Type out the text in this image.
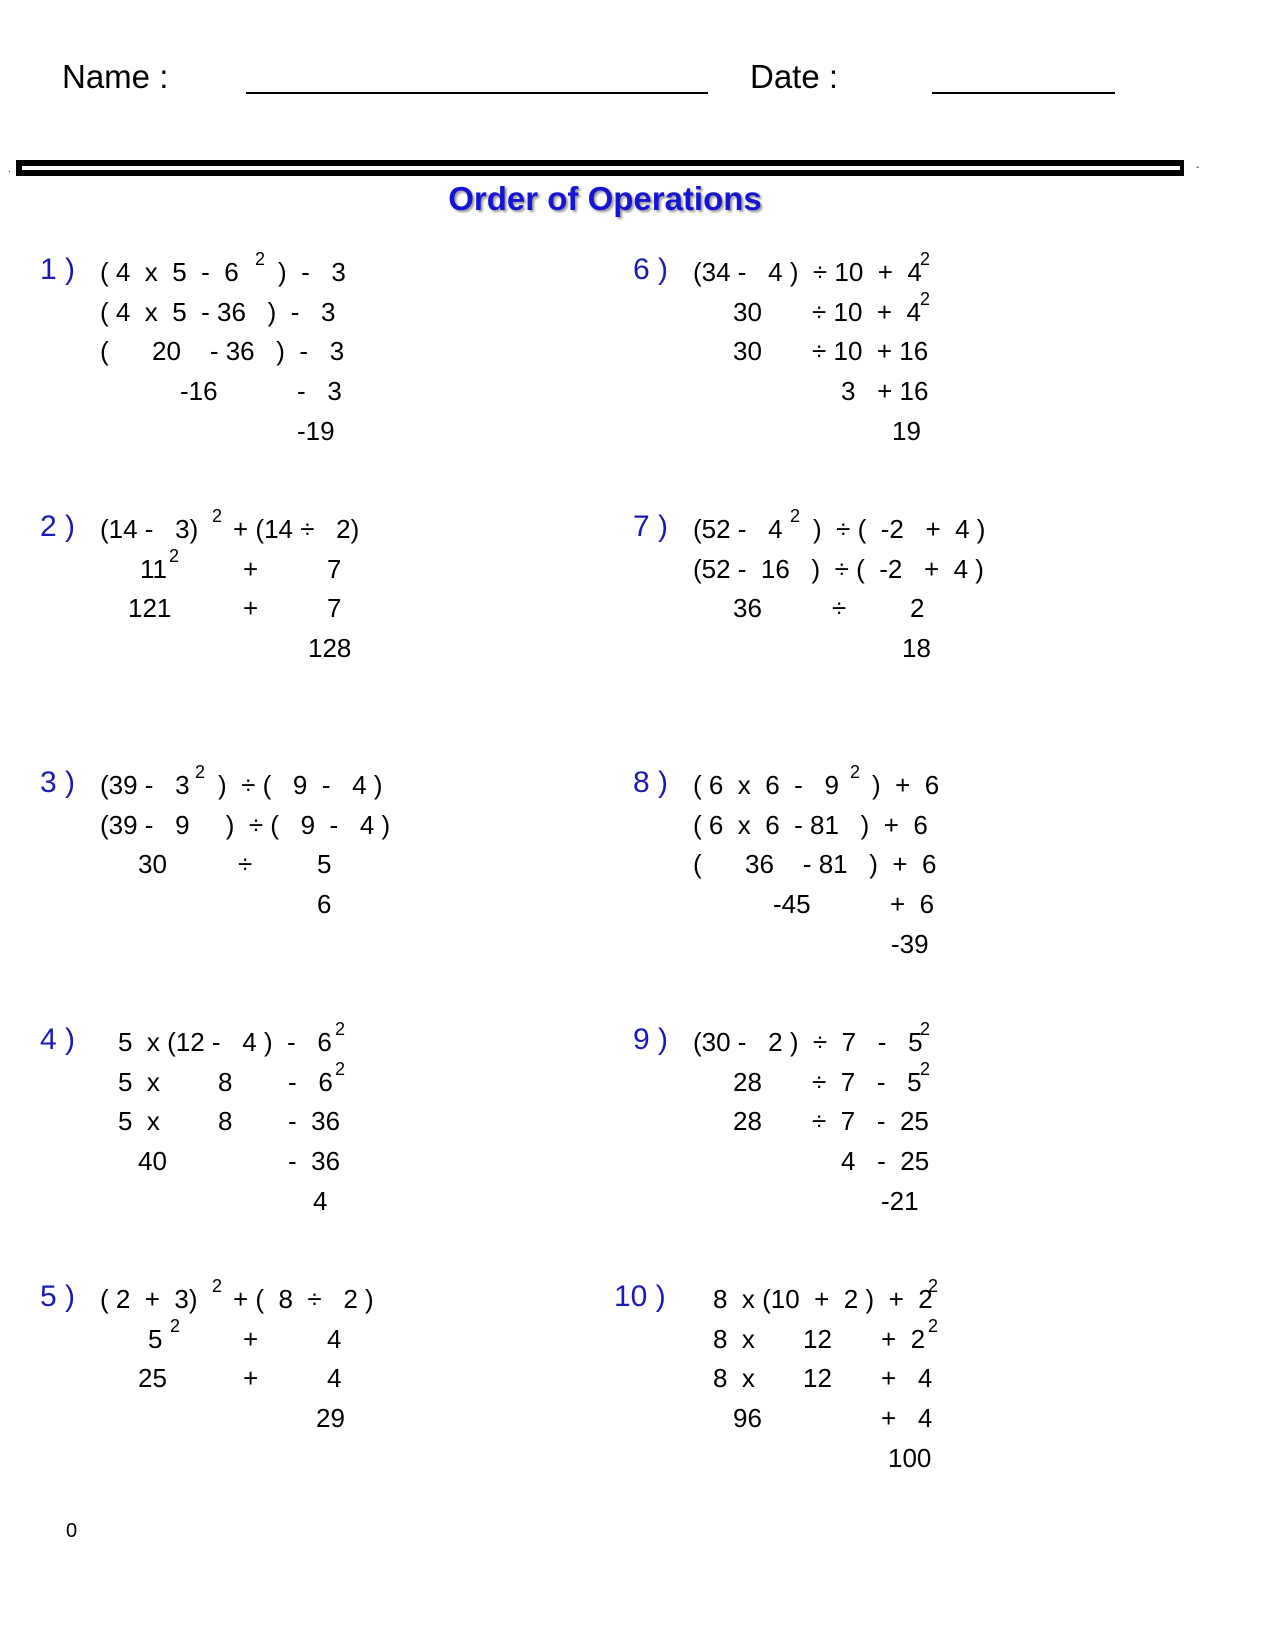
Name :	Date :
.	-
Order of Operations
1 ) ( 4  x  5  -  6 2 )  -   3
( 4  x  5  - 36   )  -   3
(      20    - 36   )  -   3
-16	-   3
-19
2 ) (14 -   3) 2 + (14 ÷   2)
11 2 +	7
121	+	7
128
3 ) (39 -   3 2 )  ÷ (   9  -   4 )
(39 -   9     )  ÷ (   9  -   4 )
30	÷ 5
6
4 ) 5  x (12 -   4 )  -   6 2
5  x 8 -   6 2
5  x 8 -  36
40	-  36
4
5 ) ( 2  +  3) 2 + (  8  ÷   2 )
5 2 +	4
25	+	4
29
6 ) (34 -   4 )  ÷ 10  +  4
2
30 ÷ 10  +  4 2
30 ÷ 10  + 16
3   + 16
19
7 ) (52 -   4 2 )  ÷ (  -2   +  4 )
(52 -  16   )  ÷ (  -2   +  4 )
36	÷ 2
18
8 ) ( 6  x  6  -   9 2 )  +  6
( 6  x  6  - 81   )  +  6
(      36    - 81   )  +  6
-45	+  6
-39
9 ) (30 -   2 )  ÷  7   -   5
2
28 ÷  7   -   5
2
28 ÷  7   -  25
4   -  25
-21
10 ) 8  x (10  +  2 )  +  2
2
8  x 12 +  2 2
8  x 12 +   4
96	+   4
100
0
